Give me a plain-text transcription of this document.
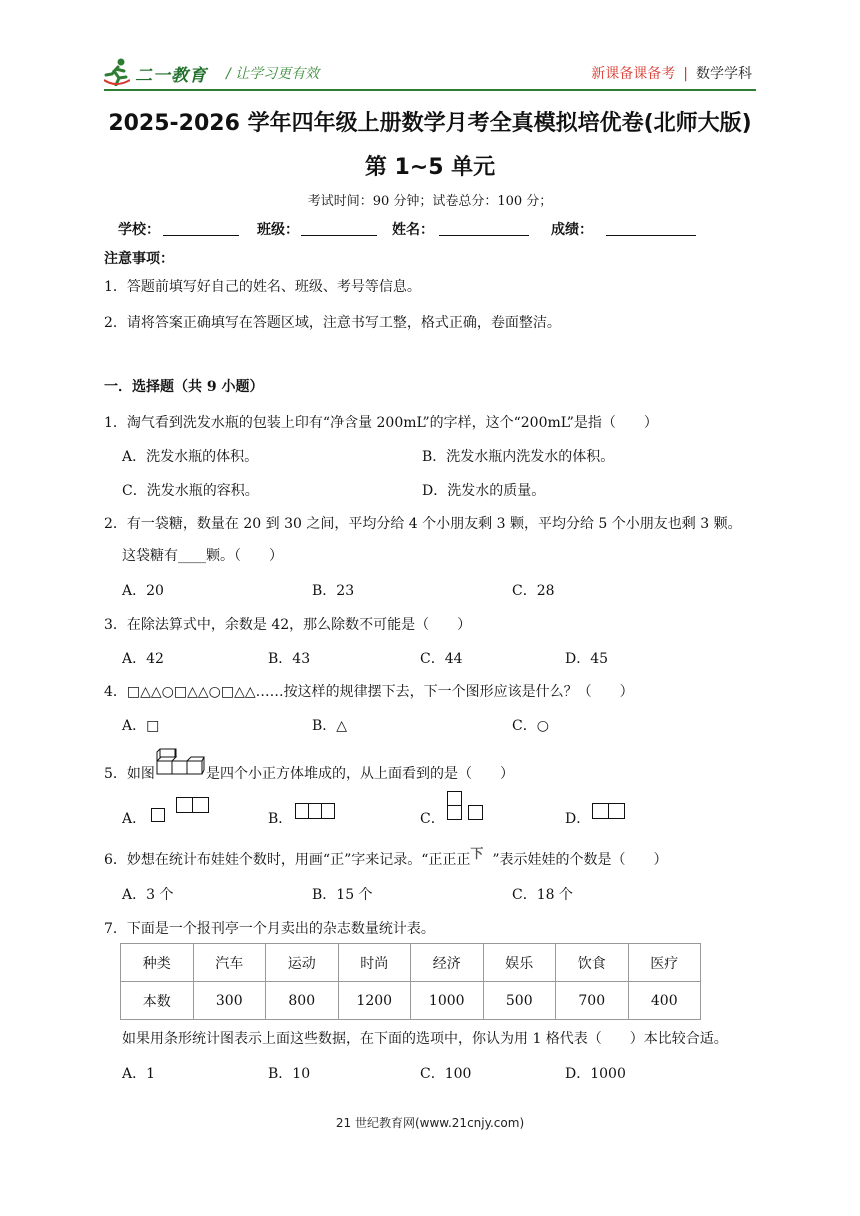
二一教育 / 让学习更有效	新课备课备考 | 数学学科
2025-2026 学年四年级上册数学月考全真模拟培优卷(北师大版)
第 1~5 单元
考试时间：90 分钟；试卷总分：100 分；
学校：	班级：	姓名：	成绩：
注意事项：
1．答题前填写好自己的姓名、班级、考号等信息。
2．请将答案正确填写在答题区域，注意书写工整，格式正确，卷面整洁。
一．选择题（共 9 小题）
1．淘气看到洗发水瓶的包装上印有“净含量 200mL”的字样，这个“200mL”是指（　　）
A．洗发水瓶的体积。	B．洗发水瓶内洗发水的体积。
C．洗发水瓶的容积。	D．洗发水的质量。
2．有一袋糖，数量在 20 到 30 之间，平均分给 4 个小朋友剩 3 颗，平均分给 5 个小朋友也剩 3 颗。
这袋糖有____颗。（　　）
A．20	B．23	C．28
3．在除法算式中，余数是 42，那么除数不可能是（　　）
A．42	B．43	C．44	D．45
4．□△△○□△△○□△△……按这样的规律摆下去，下一个图形应该是什么？（　　）
A．□	B．△	C．○
5．如图	是四个小正方体堆成的，从上面看到的是（　　）
A．	B．	C．	D．
6．妙想在统计布娃娃个数时，用画“正”字来记录。“正正正下 ”表示娃娃的个数是（　　）
A．3 个	B．15 个	C．18 个
7．下面是一个报刊亭一个月卖出的杂志数量统计表。
种类	汽车	运动	时尚	经济	娱乐	饮食	医疗
本数	300	800	1200	1000	500	700	400
如果用条形统计图表示上面这些数据，在下面的选项中，你认为用 1 格代表（　　）本比较合适。
A．1	B．10	C．100	D．1000
21 世纪教育网(www.21cnjy.com)
